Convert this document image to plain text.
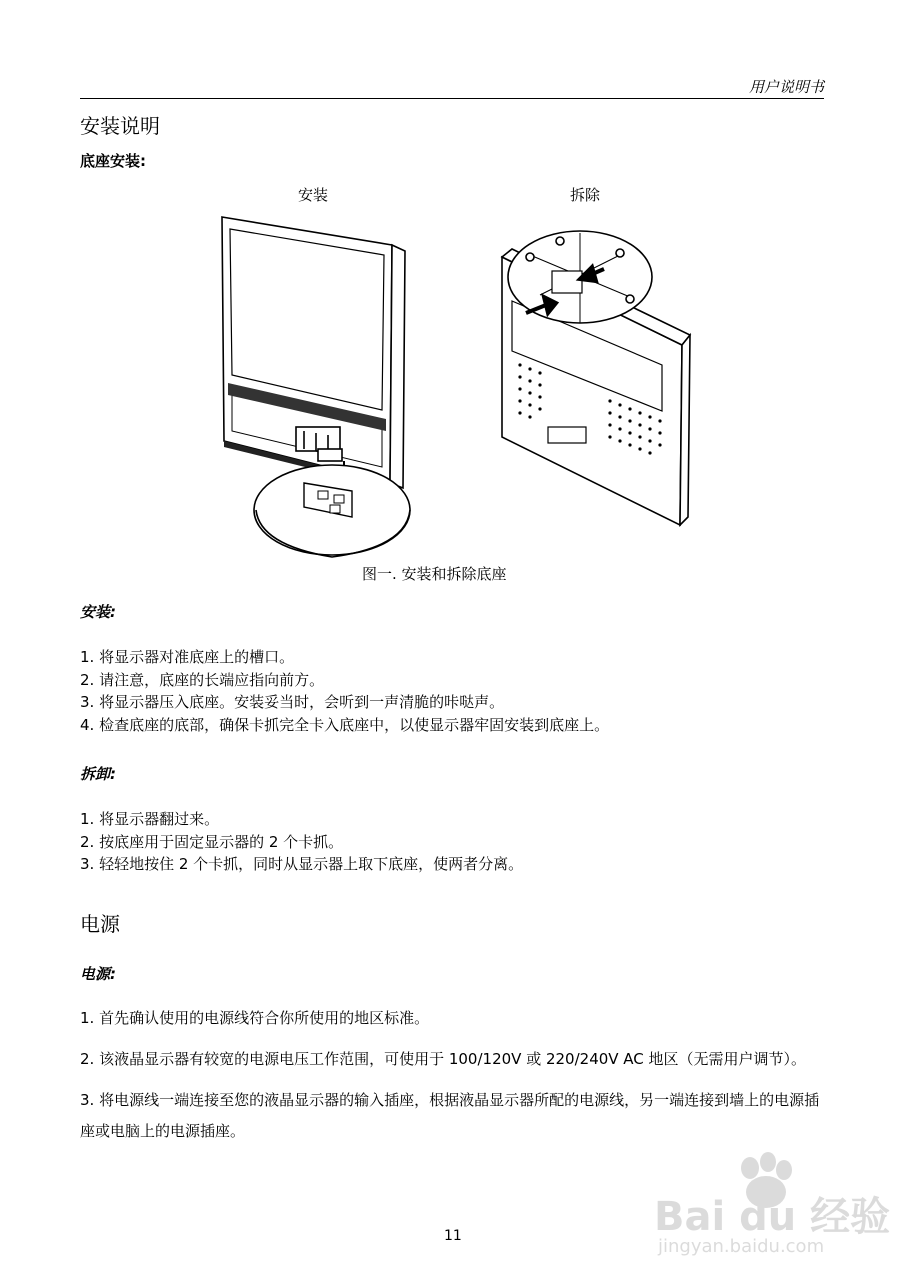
用户说明书
安装说明
底座安装:
安装	拆除
图一. 安装和拆除底座
安装:
1. 将显示器对准底座上的槽口。
2. 请注意，底座的长端应指向前方。
3. 将显示器压入底座。安装妥当时，会听到一声清脆的咔哒声。
4. 检查底座的底部，确保卡抓完全卡入底座中，以使显示器牢固安装到底座上。
拆卸:
1. 将显示器翻过来。
2. 按底座用于固定显示器的 2 个卡抓。
3. 轻轻地按住 2 个卡抓，同时从显示器上取下底座，使两者分离。
电源
电源:
1. 首先确认使用的电源线符合你所使用的地区标准。
2. 该液晶显示器有较宽的电源电压工作范围，可使用于 100/120V 或 220/240V AC 地区（无需用户调节）。
3. 将电源线一端连接至您的液晶显示器的输入插座，根据液晶显示器所配的电源线，另一端连接到墙上的电源插座或电脑上的电源插座。
11	Bai du 经验
jingyan.baidu.com
